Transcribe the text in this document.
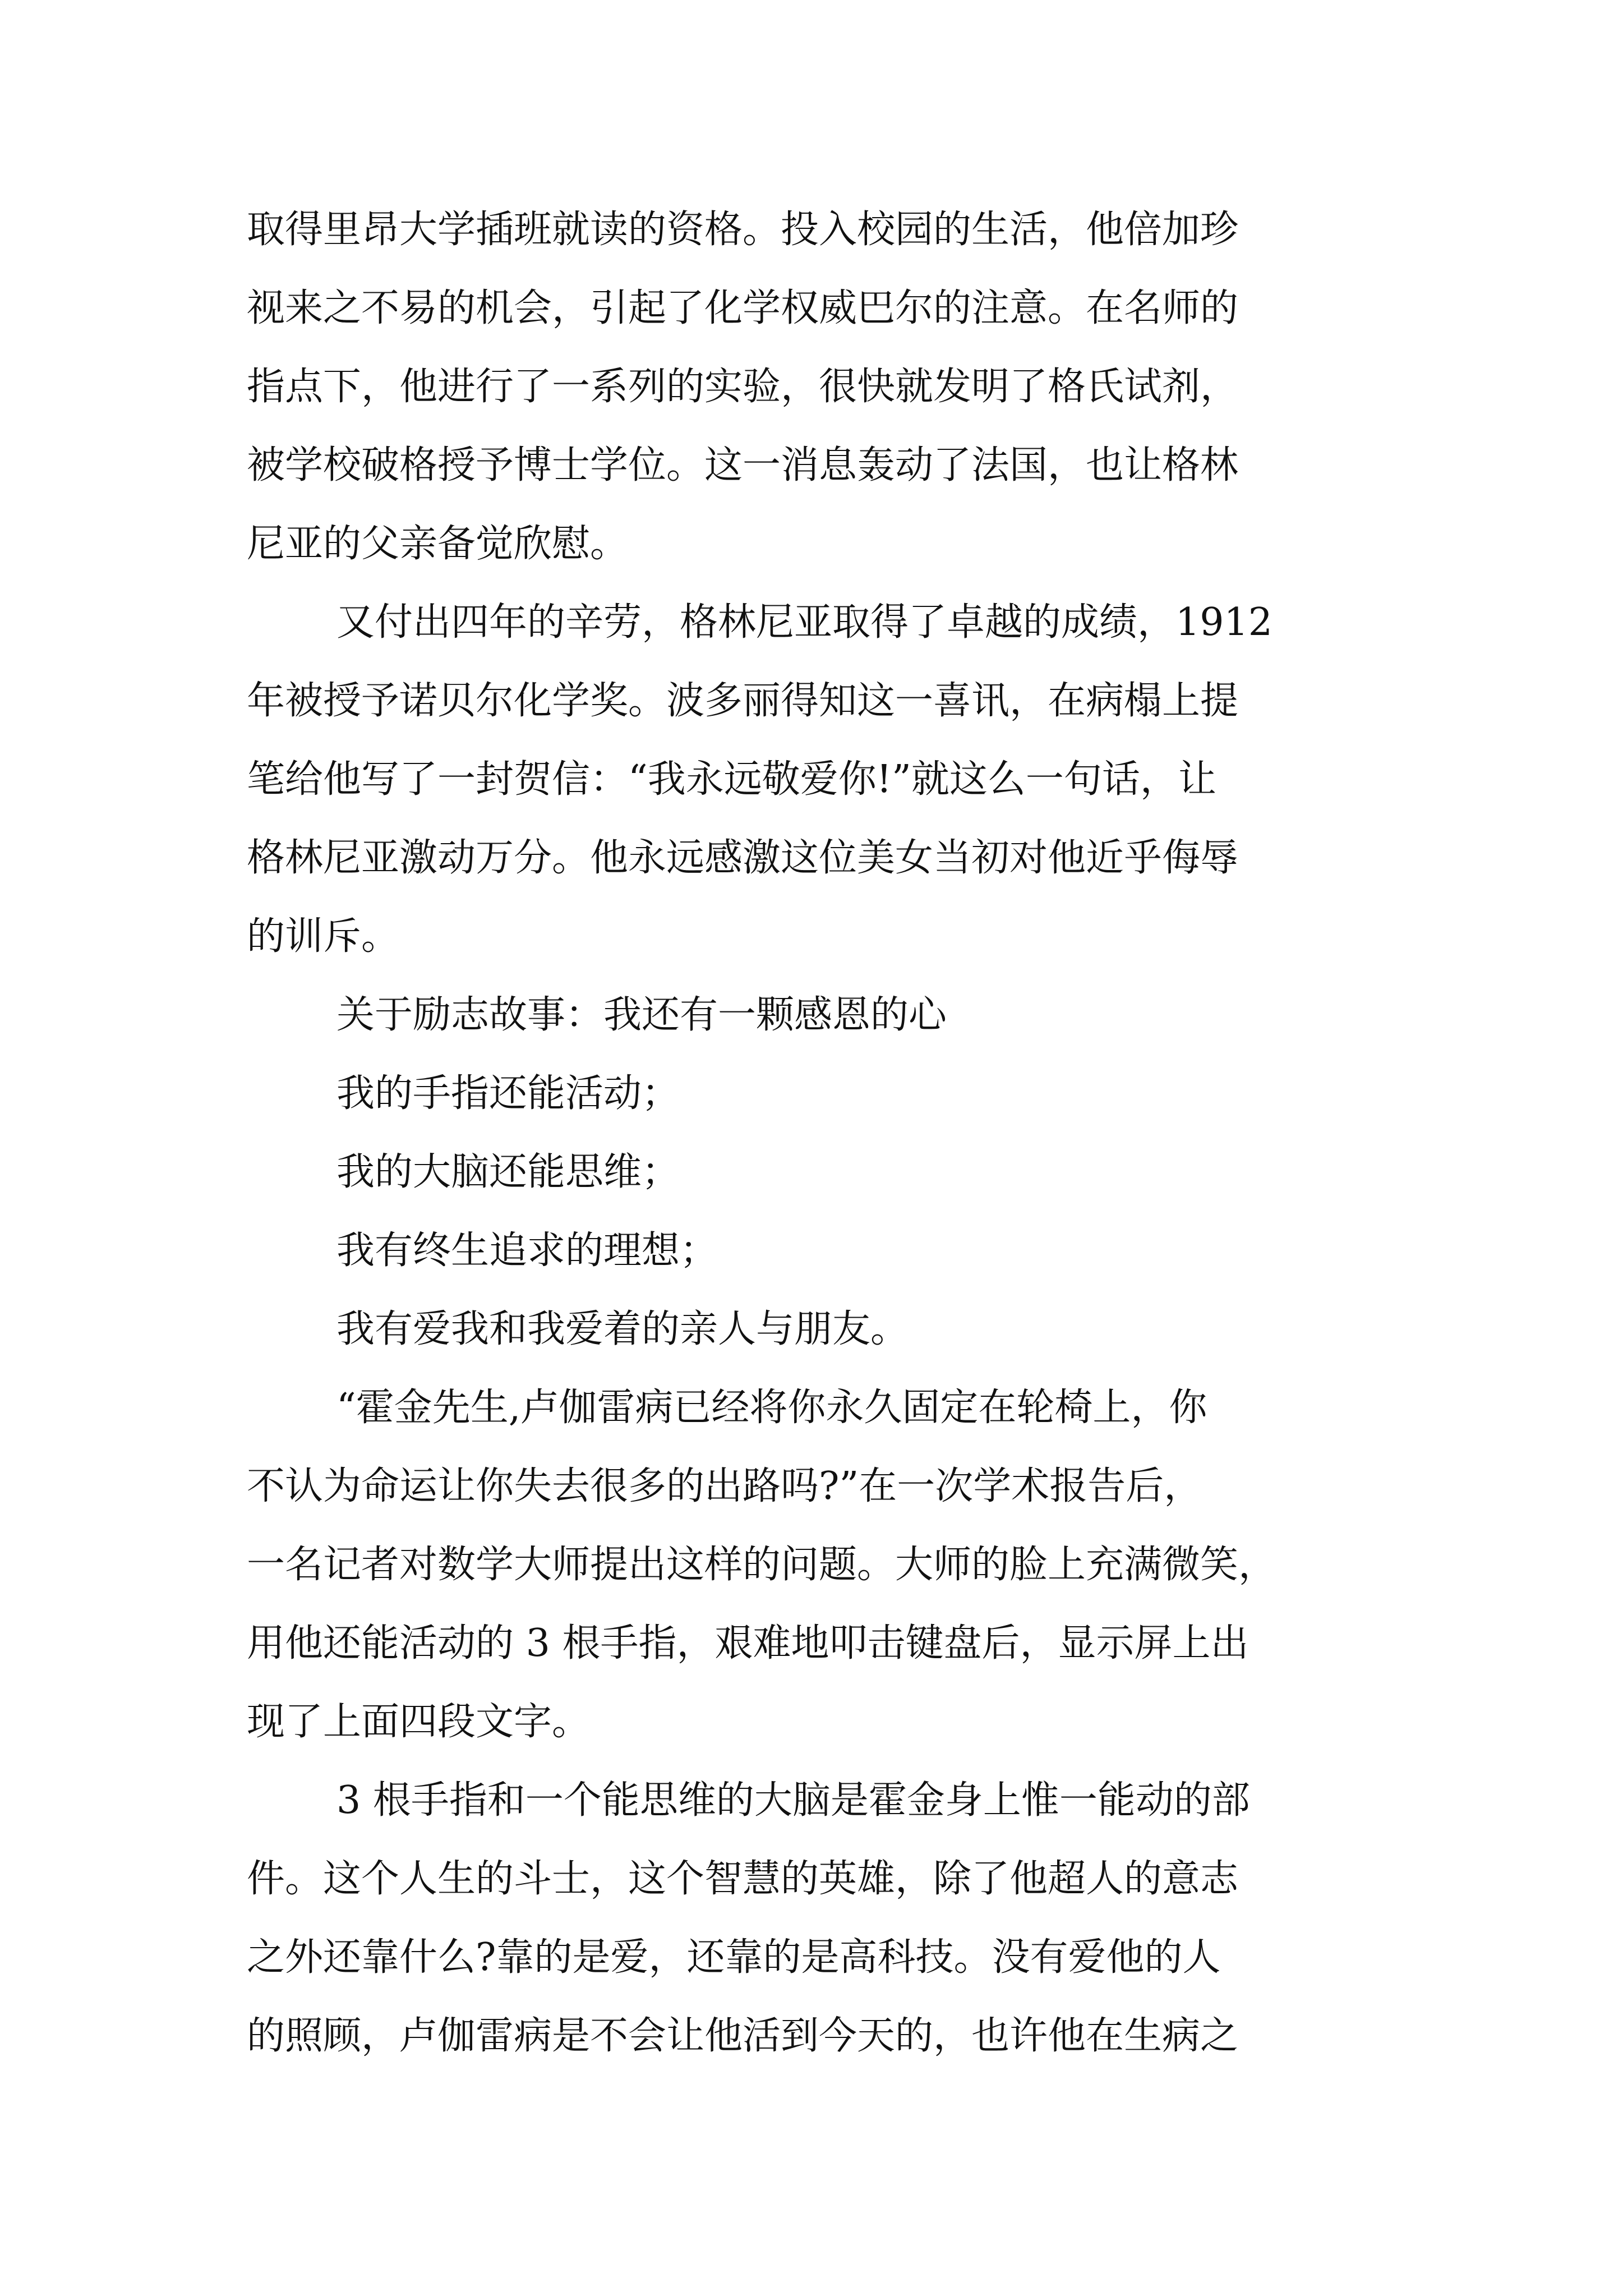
取得里昂大学插班就读的资格。投入校园的生活，他倍加珍
视来之不易的机会，引起了化学权威巴尔的注意。在名师的
指点下，他进行了一系列的实验，很快就发明了格氏试剂，
被学校破格授予博士学位。这一消息轰动了法国，也让格林
尼亚的父亲备觉欣慰。
又付出四年的辛劳，格林尼亚取得了卓越的成绩，1912
年被授予诺贝尔化学奖。波多丽得知这一喜讯，在病榻上提
笔给他写了一封贺信：“我永远敬爱你!”就这么一句话，让
格林尼亚激动万分。他永远感激这位美女当初对他近乎侮辱
的训斥。
关于励志故事：我还有一颗感恩的心
我的手指还能活动；
我的大脑还能思维；
我有终生追求的理想；
我有爱我和我爱着的亲人与朋友。
“霍金先生,卢伽雷病已经将你永久固定在轮椅上，你
不认为命运让你失去很多的出路吗?”在一次学术报告后，
一名记者对数学大师提出这样的问题。大师的脸上充满微笑，
用他还能活动的 3 根手指，艰难地叩击键盘后，显示屏上出
现了上面四段文字。
3 根手指和一个能思维的大脑是霍金身上惟一能动的部
件。这个人生的斗士，这个智慧的英雄，除了他超人的意志
之外还靠什么?靠的是爱，还靠的是高科技。没有爱他的人
的照顾，卢伽雷病是不会让他活到今天的，也许他在生病之
